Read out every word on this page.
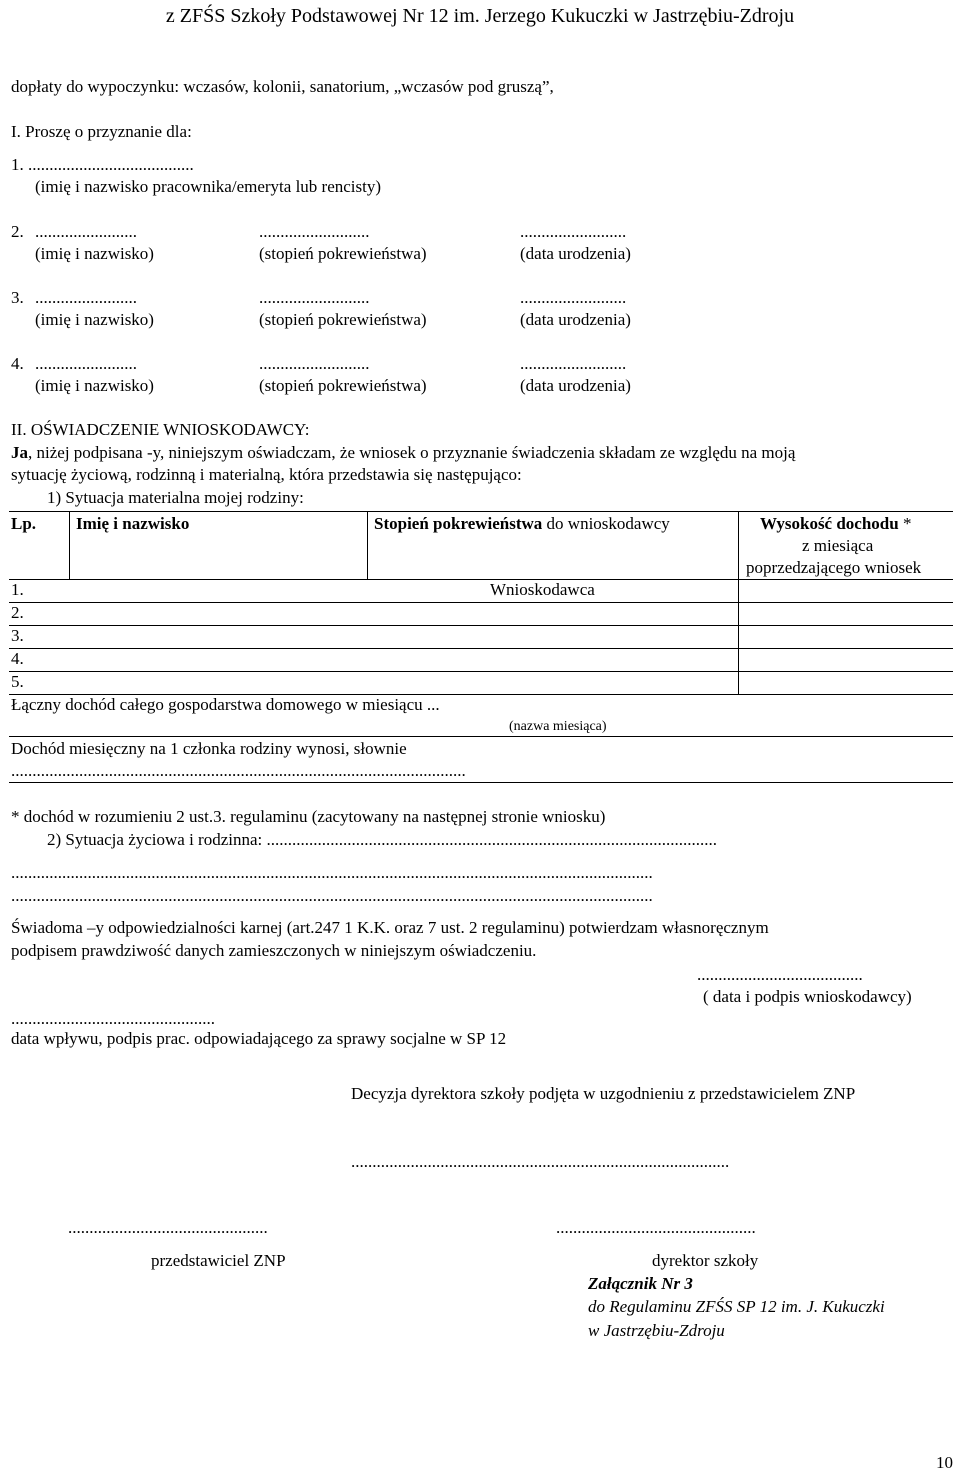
z ZFŚS Szkoły Podstawowej Nr 12 im. Jerzego Kukuczki w Jastrzębiu-Zdroju
dopłaty do wypoczynku: wczasów, kolonii, sanatorium, „wczasów pod gruszą”,
I. Proszę o przyznanie dla:
1. .......................................
(imię i nazwisko pracownika/emeryta lub rencisty)
2. ........................	..........................	.........................
(imię i nazwisko)	(stopień pokrewieństwa)	(data urodzenia)
3. ........................	..........................	.........................
(imię i nazwisko)	(stopień pokrewieństwa)	(data urodzenia)
4. ........................	..........................	.........................
(imię i nazwisko)	(stopień pokrewieństwa)	(data urodzenia)
II. OŚWIADCZENIE WNIOSKODAWCY:
Ja, niżej podpisana -y, niniejszym oświadczam, że wniosek o przyznanie świadczenia składam ze względu na moją
sytuację życiową, rodzinną i materialną, która przedstawia się następująco:
1) Sytuacja materialna mojej rodziny:
Lp. Imię i nazwisko	Stopień pokrewieństwa do wnioskodawcy	Wysokość dochodu *
z miesiąca
poprzedzającego wniosek
1.	Wnioskodawca
2.
3.
4.
5.
Łączny dochód całego gospodarstwa domowego w miesiącu ...
(nazwa miesiąca)
Dochód miesięczny na 1 członka rodziny wynosi, słownie
...........................................................................................................
* dochód w rozumieniu 2 ust.3. regulaminu (zacytowany na następnej stronie wniosku)
2) Sytuacja życiowa i rodzinna: ..........................................................................................................
.......................................................................................................................................................
.......................................................................................................................................................
Świadoma –y odpowiedzialności karnej (art.247 1 K.K. oraz 7 ust. 2 regulaminu) potwierdzam własnoręcznym
podpisem prawdziwość danych zamieszczonych w niniejszym oświadczeniu.
.......................................
( data i podpis wnioskodawcy)
................................................
data wpływu, podpis prac. odpowiadającego za sprawy socjalne w SP 12
Decyzja dyrektora szkoły podjęta w uzgodnieniu z przedstawicielem ZNP
.........................................................................................
...............................................	...............................................
przedstawiciel ZNP	dyrektor szkoły
Załącznik Nr 3
do Regulaminu ZFŚS SP 12 im. J. Kukuczki
w Jastrzębiu-Zdroju
10
